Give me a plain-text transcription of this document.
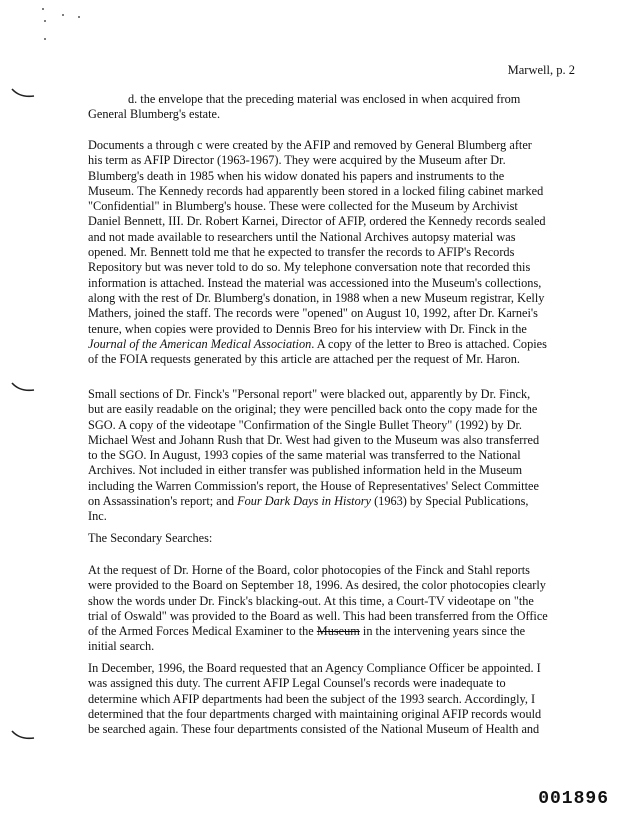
Marwell, p. 2

d. the envelope that the preceding material was enclosed in when acquired from General Blumberg's estate.

Documents a through c were created by the AFIP and removed by General Blumberg after his term as AFIP Director (1963-1967). They were acquired by the Museum after Dr. Blumberg's death in 1985 when his widow donated his papers and instruments to the Museum. The Kennedy records had apparently been stored in a locked filing cabinet marked "Confidential" in Blumberg's house. These were collected for the Museum by Archivist Daniel Bennett, III. Dr. Robert Karnei, Director of AFIP, ordered the Kennedy records sealed and not made available to researchers until the National Archives autopsy material was opened. Mr. Bennett told me that he expected to transfer the records to AFIP's Records Repository but was never told to do so. My telephone conversation note that recorded this information is attached. Instead the material was accessioned into the Museum's collections, along with the rest of Dr. Blumberg's donation, in 1988 when a new Museum registrar, Kelly Mathers, joined the staff. The records were "opened" on August 10, 1992, after Dr. Karnei's tenure, when copies were provided to Dennis Breo for his interview with Dr. Finck in the Journal of the American Medical Association. A copy of the letter to Breo is attached. Copies of the FOIA requests generated by this article are attached per the request of Mr. Haron.

Small sections of Dr. Finck's "Personal report" were blacked out, apparently by Dr. Finck, but are easily readable on the original; they were pencilled back onto the copy made for the SGO. A copy of the videotape "Confirmation of the Single Bullet Theory" (1992) by Dr. Michael West and Johann Rush that Dr. West had given to the Museum was also transferred to the SGO. In August, 1993 copies of the same material was transferred to the National Archives. Not included in either transfer was published information held in the Museum including the Warren Commission's report, the House of Representatives' Select Committee on Assassination's report; and Four Dark Days in History (1963) by Special Publications, Inc.

The Secondary Searches:

At the request of Dr. Horne of the Board, color photocopies of the Finck and Stahl reports were provided to the Board on September 18, 1996. As desired, the color photocopies clearly show the words under Dr. Finck's blacking-out. At this time, a Court-TV videotape on "the trial of Oswald" was provided to the Board as well. This had been transferred from the Office of the Armed Forces Medical Examiner to the Museum in the intervening years since the initial search.

In December, 1996, the Board requested that an Agency Compliance Officer be appointed. I was assigned this duty. The current AFIP Legal Counsel's records were inadequate to determine which AFIP departments had been the subject of the 1993 search. Accordingly, I determined that the four departments charged with maintaining original AFIP records would be searched again. These four departments consisted of the National Museum of Health and

001896
